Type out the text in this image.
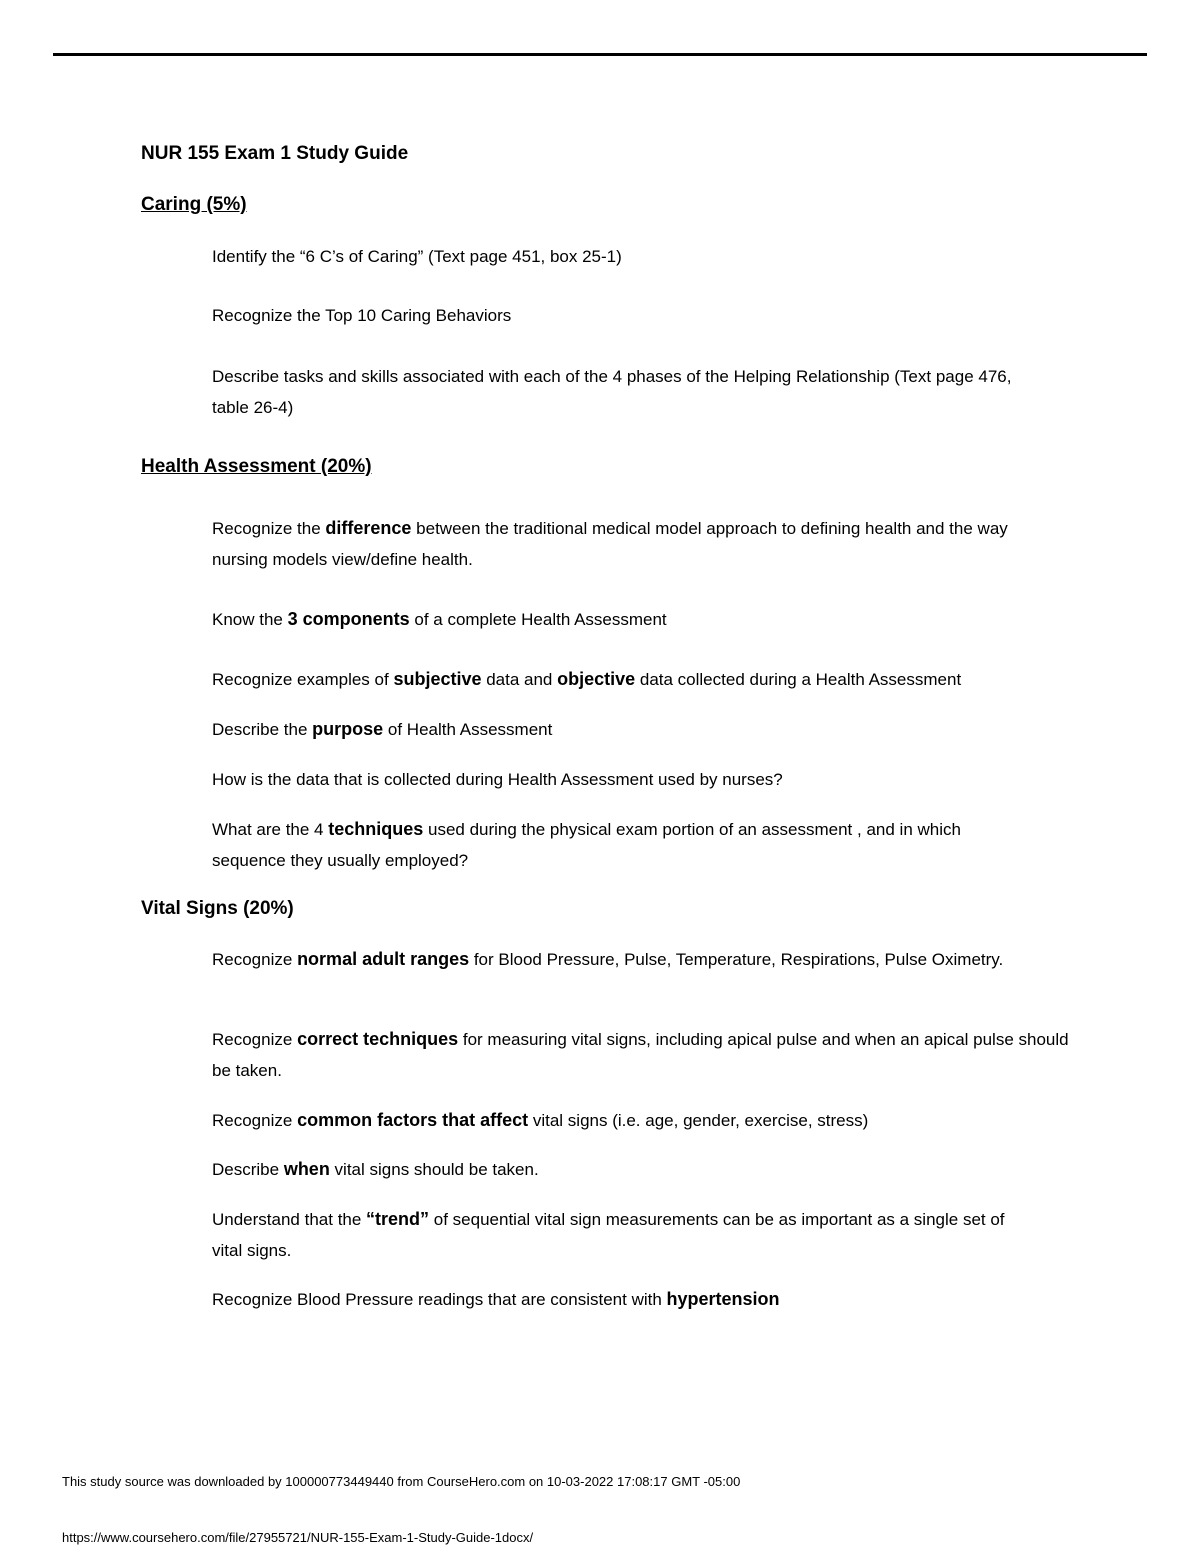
NUR 155 Exam 1 Study Guide
Caring (5%)
Identify the “6 C’s of Caring” (Text page 451, box 25-1)
Recognize the Top 10 Caring Behaviors
Describe tasks and skills associated with each of the 4 phases of the Helping Relationship (Text page 476, table 26-4)
Health Assessment (20%)
Recognize the difference between the traditional medical model approach to defining health and the way nursing models view/define health.
Know the 3 components of a complete Health Assessment
Recognize examples of subjective data and objective data collected during a Health Assessment
Describe the purpose of Health Assessment
How is the data that is collected during Health Assessment used by nurses?
What are the 4 techniques used during the physical exam portion of an assessment , and in which sequence they usually employed?
Vital Signs (20%)
Recognize normal adult ranges for Blood Pressure, Pulse, Temperature, Respirations, Pulse Oximetry.
Recognize correct techniques for measuring vital signs, including apical pulse and when an apical pulse should be taken.
Recognize common factors that affect vital signs (i.e. age, gender, exercise, stress)
Describe when vital signs should be taken.
Understand that the “trend” of sequential vital sign measurements can be as important as a single set of vital signs.
Recognize Blood Pressure readings that are consistent with hypertension
This study source was downloaded by 100000773449440 from CourseHero.com on 10-03-2022 17:08:17 GMT -05:00
https://www.coursehero.com/file/27955721/NUR-155-Exam-1-Study-Guide-1docx/
